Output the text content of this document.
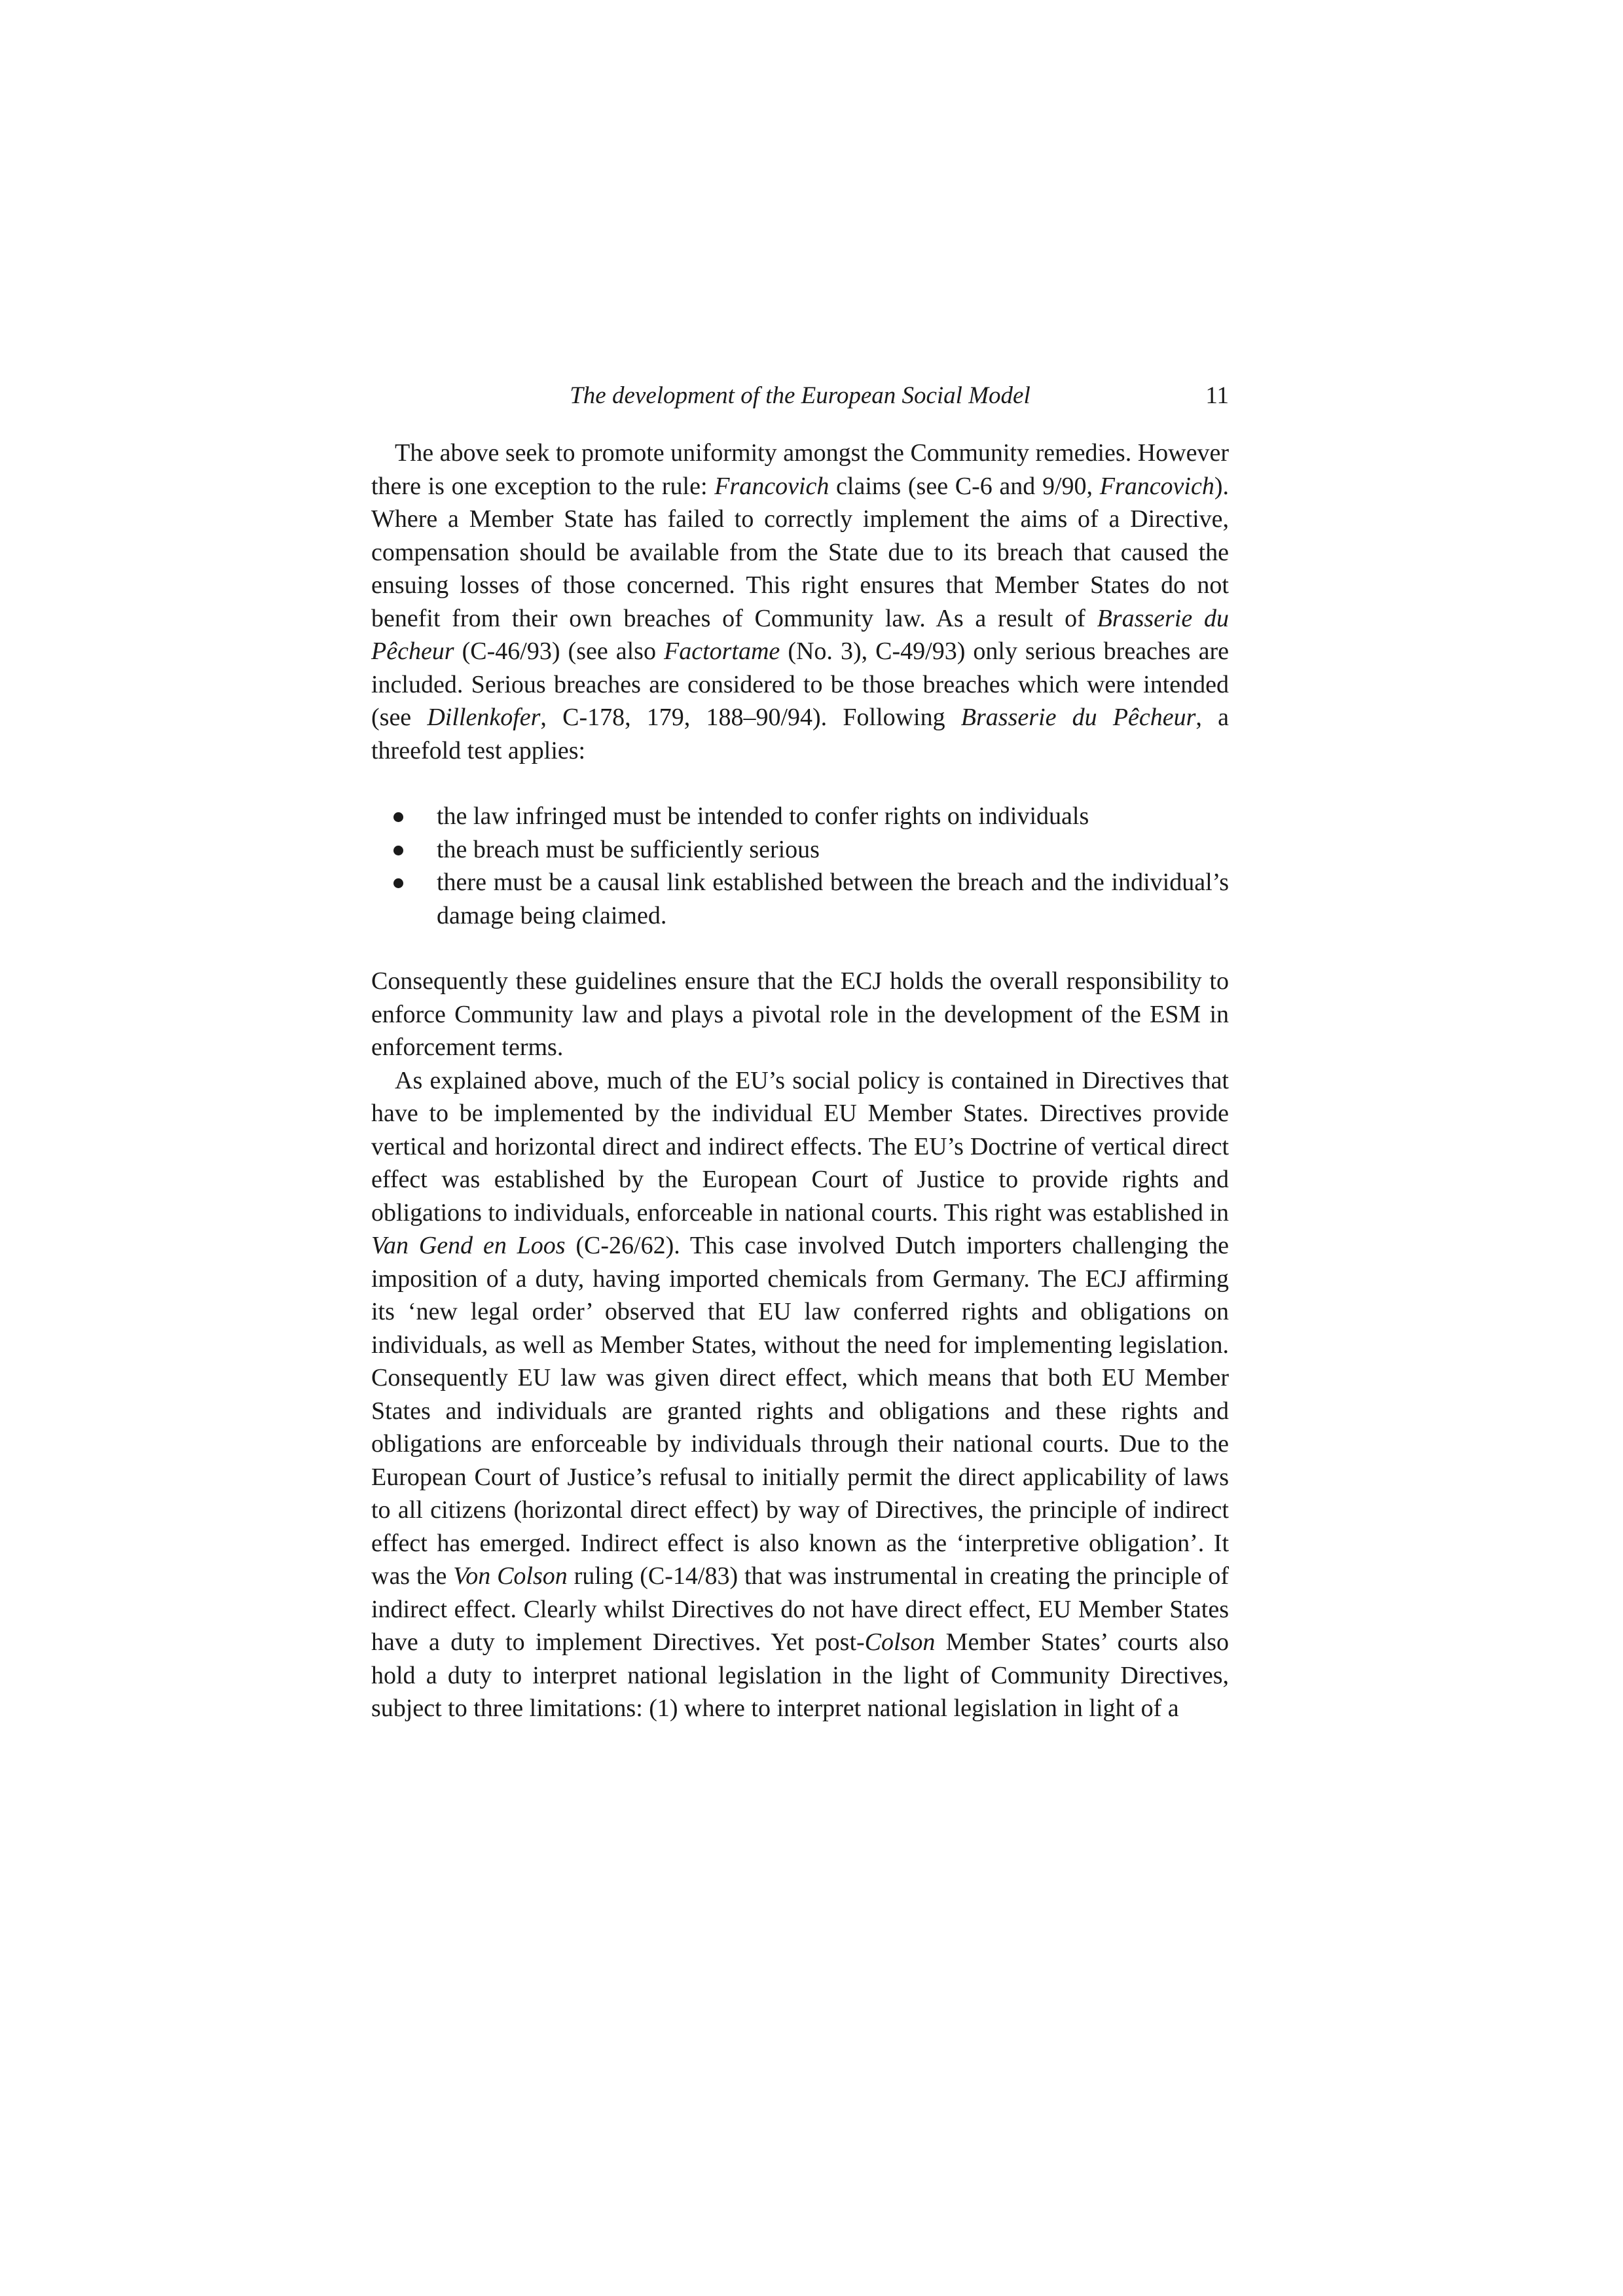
The development of the European Social Model	11

The above seek to promote uniformity amongst the Community remedies. However there is one exception to the rule: Francovich claims (see C-6 and 9/90, Francovich). Where a Member State has failed to correctly implement the aims of a Directive, compensation should be available from the State due to its breach that caused the ensuing losses of those concerned. This right ensures that Member States do not benefit from their own breaches of Community law. As a result of Brasserie du Pêcheur (C-46/93) (see also Factortame (No. 3), C-49/93) only serious breaches are included. Serious breaches are considered to be those breaches which were intended (see Dillenkofer, C-178, 179, 188–90/94). Following Brasserie du Pêcheur, a threefold test applies:

the law infringed must be intended to confer rights on individuals
the breach must be sufficiently serious
there must be a causal link established between the breach and the individual’s damage being claimed.

Consequently these guidelines ensure that the ECJ holds the overall responsibility to enforce Community law and plays a pivotal role in the development of the ESM in enforcement terms.

As explained above, much of the EU’s social policy is contained in Directives that have to be implemented by the individual EU Member States. Directives provide vertical and horizontal direct and indirect effects. The EU’s Doctrine of vertical direct effect was established by the European Court of Justice to provide rights and obligations to individuals, enforceable in national courts. This right was established in Van Gend en Loos (C-26/62). This case involved Dutch importers challenging the imposition of a duty, having imported chemicals from Germany. The ECJ affirming its ‘new legal order’ observed that EU law conferred rights and obligations on individuals, as well as Member States, without the need for implementing legislation. Consequently EU law was given direct effect, which means that both EU Member States and individuals are granted rights and obligations and these rights and obligations are enforceable by individuals through their national courts. Due to the European Court of Justice’s refusal to initially permit the direct applicability of laws to all citizens (horizontal direct effect) by way of Directives, the principle of indirect effect has emerged. Indirect effect is also known as the ‘interpretive obligation’. It was the Von Colson ruling (C-14/83) that was instrumental in creating the principle of indirect effect. Clearly whilst Directives do not have direct effect, EU Member States have a duty to implement Directives. Yet post-Colson Member States’ courts also hold a duty to interpret national legislation in the light of Community Directives, subject to three limitations: (1) where to interpret national legislation in light of a
